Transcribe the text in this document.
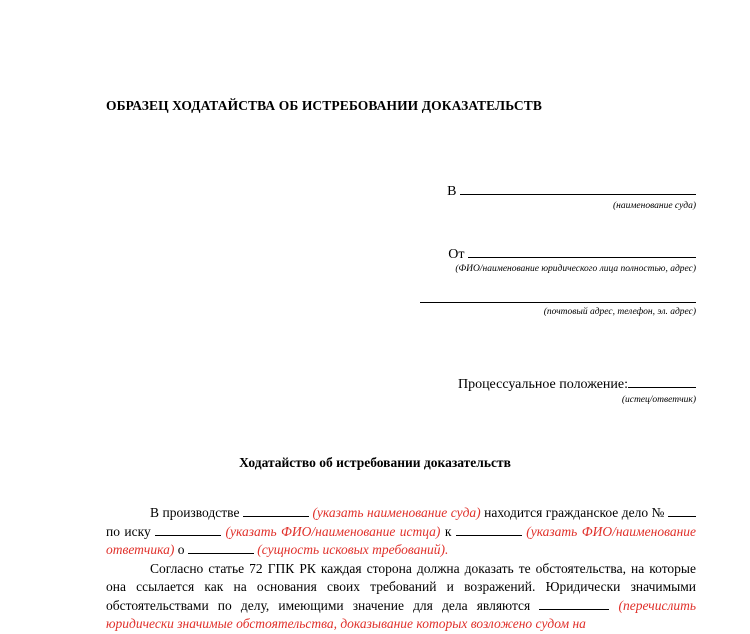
ОБРАЗЕЦ ХОДАТАЙСТВА ОБ ИСТРЕБОВАНИИ ДОКАЗАТЕЛЬСТВ
В
(наименование суда)
От
(ФИО/наименование юридического лица полностью, адрес)
(почтовый адрес, телефон, эл. адрес)
Процессуальное положение:
(истец/ответчик)
Ходатайство об истребовании доказательств

В производстве	(указать наименование суда) находится гражданское дело №  по иску	(указать ФИО/наименование истца) к	(указать ФИО/наименование ответчика) о	(сущность исковых требований).

Согласно статье 72 ГПК РК каждая сторона должна доказать те обстоятельства, на которые она ссылается как на основания своих требований и возражений. Юридически значимыми обстоятельствами по делу, имеющими значение для дела являются	(перечислить юридически значимые обстоятельства, доказывание которых возложено судом на
